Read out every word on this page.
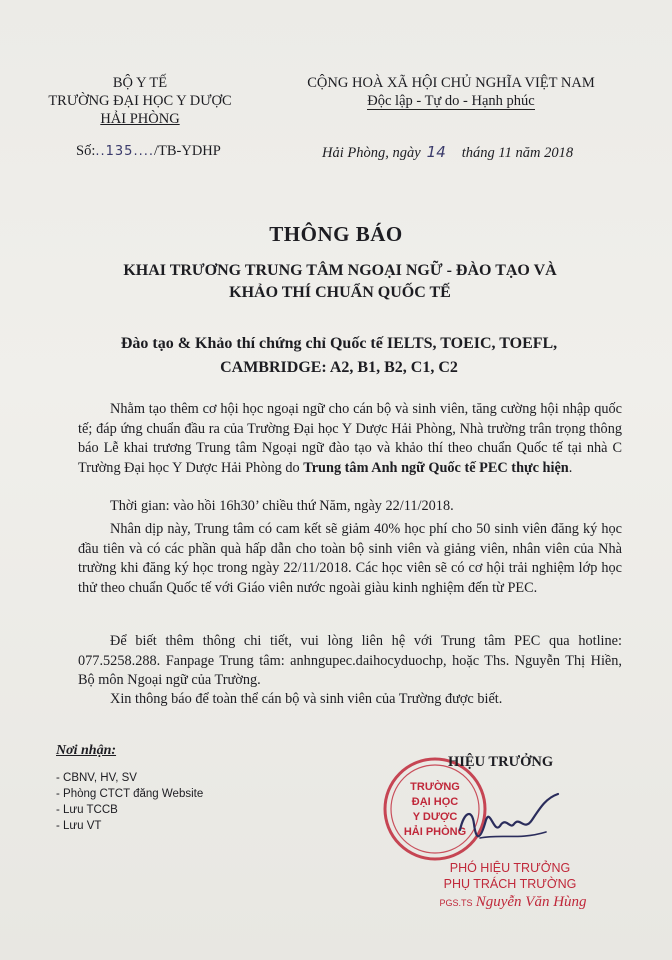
BỘ Y TẾ
TRƯỜNG ĐẠI HỌC Y DƯỢC
HẢI PHÒNG
CỘNG HOÀ XÃ HỘI CHỦ NGHĨA VIỆT NAM
Độc lập - Tự do - Hạnh phúc
Số:..135..../TB-YDHP	Hải Phòng, ngày 14 tháng 11 năm 2018
THÔNG BÁO
KHAI TRƯƠNG TRUNG TÂM NGOẠI NGỮ - ĐÀO TẠO VÀ
KHẢO THÍ CHUẨN QUỐC TẾ
Đào tạo & Khảo thí chứng chỉ Quốc tế IELTS, TOEIC, TOEFL,
CAMBRIDGE: A2, B1, B2, C1, C2

Nhằm tạo thêm cơ hội học ngoại ngữ cho cán bộ và sinh viên, tăng cường hội nhập quốc tế; đáp ứng chuẩn đầu ra của Trường Đại học Y Dược Hải Phòng, Nhà trường trân trọng thông báo Lễ khai trương Trung tâm Ngoại ngữ đào tạo và khảo thí theo chuẩn Quốc tế tại nhà C Trường Đại học Y Dược Hải Phòng do Trung tâm Anh ngữ Quốc tế PEC thực hiện.

Thời gian: vào hồi 16h30’ chiều thứ Năm, ngày 22/11/2018.

Nhân dịp này, Trung tâm có cam kết sẽ giảm 40% học phí cho 50 sinh viên đăng ký học đầu tiên và có các phần quà hấp dẫn cho toàn bộ sinh viên và giảng viên, nhân viên của Nhà trường khi đăng ký học trong ngày 22/11/2018. Các học viên sẽ có cơ hội trải nghiệm lớp học thử theo chuẩn Quốc tế với Giáo viên nước ngoài giàu kinh nghiệm đến từ PEC.

Để biết thêm thông chi tiết, vui lòng liên hệ với Trung tâm PEC qua hotline: 077.5258.288. Fanpage Trung tâm: anhngupec.daihocyduochp, hoặc Ths. Nguyễn Thị Hiền, Bộ môn Ngoại ngữ của Trường.

Xin thông báo để toàn thể cán bộ và sinh viên của Trường được biết.

Nơi nhận:
- CBNV, HV, SV
- Phòng CTCT đăng Website
- Lưu TCCB
- Lưu VT
TRƯỜNG
ĐẠI HỌC
Y DƯỢC
HẢI PHÒNG
HIỆU TRƯỞNG
PHÓ HIỆU TRƯỞNG
PHỤ TRÁCH TRƯỜNG
PGS.TS Nguyễn Văn Hùng
